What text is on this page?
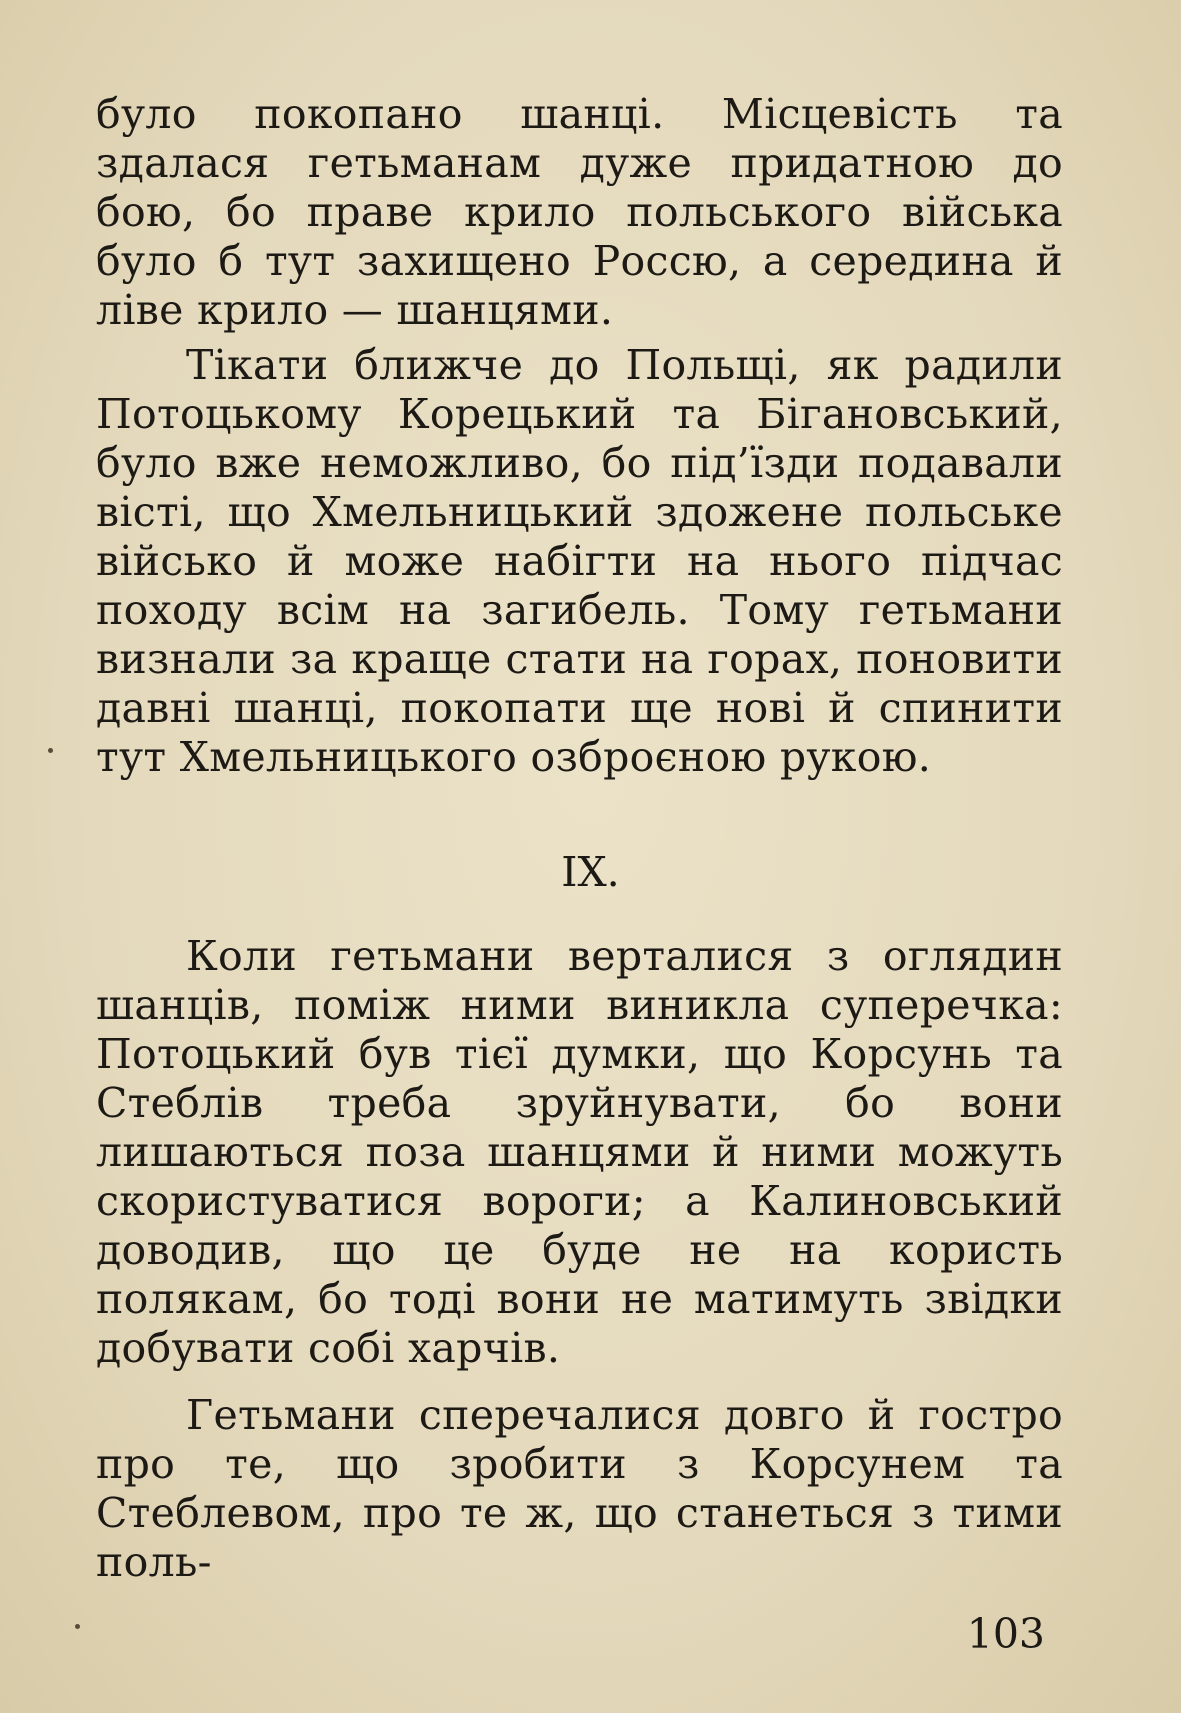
було покопано шанці. Місцевість та здалася гетьманам дуже придатною до бою, бо праве крило польського війська було б тут захищено Россю, а середина й ліве крило — шанцями.

Тікати ближче до Польщі, як радили Потоцькому Корецький та Бігановський, було вже неможливо, бо під’їзди подавали вісті, що Хмельницький здожене польське військо й може набігти на нього підчас походу всім на загибель. Тому гетьмани визнали за краще стати на горах, поновити давні шанці, покопати ще нові й спинити тут Хмельницького озброєною рукою.

IX.

Коли гетьмани верталися з оглядин шанців, поміж ними виникла суперечка: Потоцький був тієї думки, що Корсунь та Стеблів треба зруйнувати, бо вони лишаються поза шанцями й ними можуть скористуватися вороги; а Калиновський доводив, що це буде не на користь полякам, бо тоді вони не матимуть звідки добувати собі харчів.

Гетьмани сперечалися довго й гостро про те, що зробити з Корсунем та Стеблевом, про те ж, що станеться з тими поль-

103
